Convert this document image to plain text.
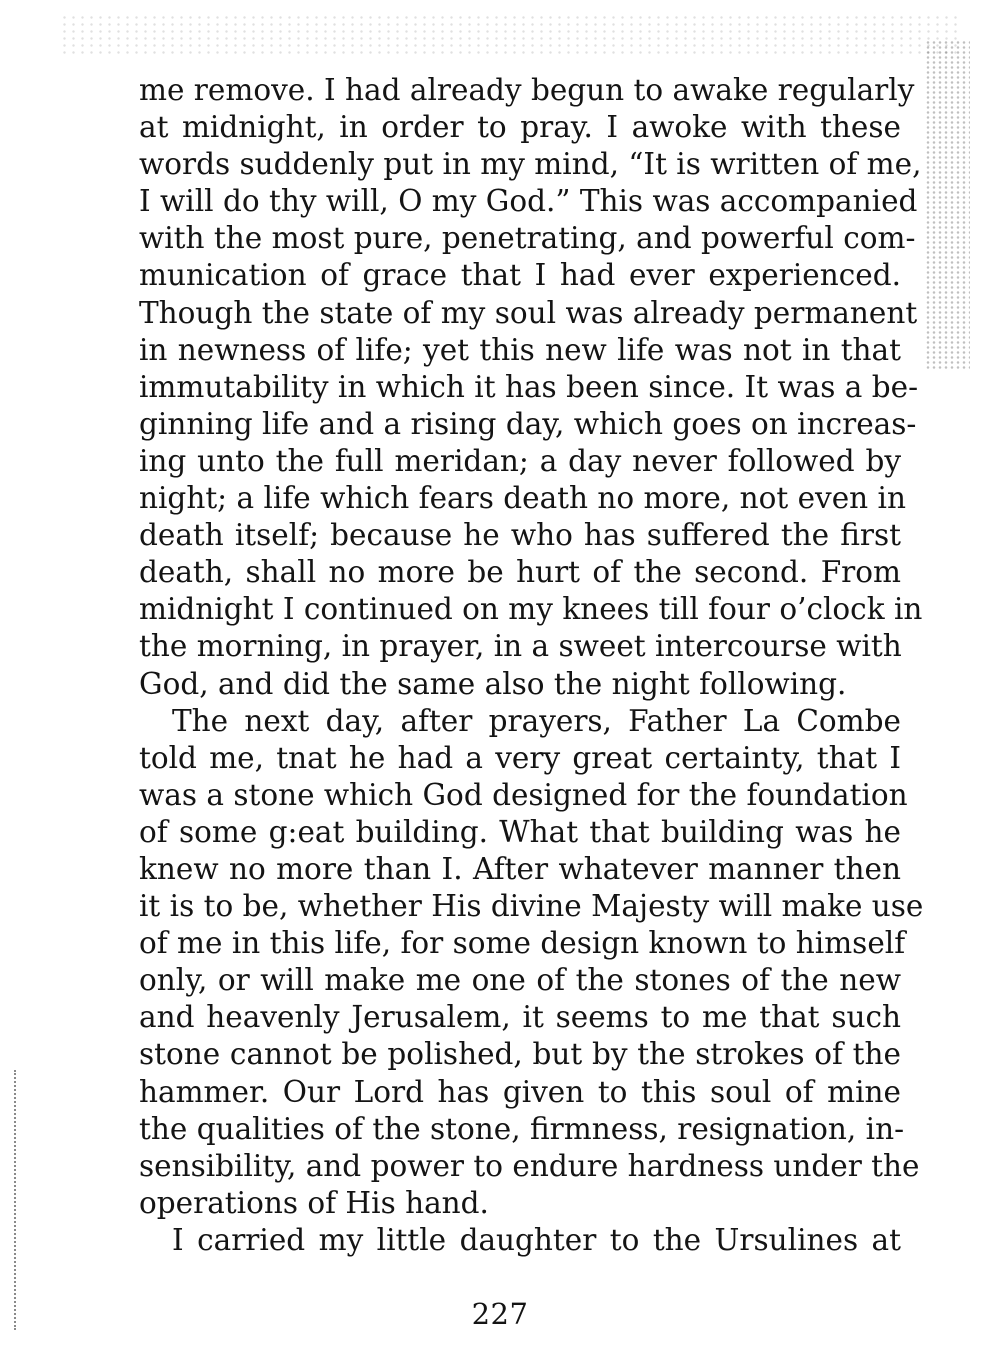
me remove. I had already begun to awake regularly
at midnight, in order to pray. I awoke with these
words suddenly put in my mind, “It is written of me,
I will do thy will, O my God.” This was accompanied
with the most pure, penetrating, and powerful com-
munication of grace that I had ever experienced.
Though the state of my soul was already permanent
in newness of life; yet this new life was not in that
immutability in which it has been since. It was a be-
ginning life and a rising day, which goes on increas-
ing unto the full meridan; a day never followed by
night; a life which fears death no more, not even in
death itself; because he who has suffered the first
death, shall no more be hurt of the second. From
midnight I continued on my knees till four o’clock in
the morning, in prayer, in a sweet intercourse with
God, and did the same also the night following.
The next day, after prayers, Father La Combe
told me, tnat he had a very great certainty, that I
was a stone which God designed for the foundation
of some g:eat building. What that building was he
knew no more than I. After whatever manner then
it is to be, whether His divine Majesty will make use
of me in this life, for some design known to himself
only, or will make me one of the stones of the new
and heavenly Jerusalem, it seems to me that such
stone cannot be polished, but by the strokes of the
hammer. Our Lord has given to this soul of mine
the qualities of the stone, firmness, resignation, in-
sensibility, and power to endure hardness under the
operations of His hand.
I carried my little daughter to the Ursulines at
227
